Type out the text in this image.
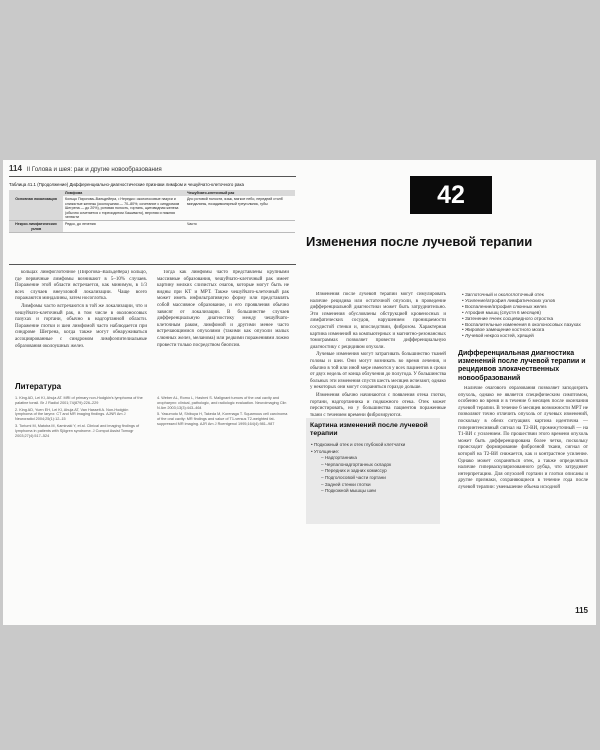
114 II Голова и шея: рак и другие новообразования
Таблица 41.1 (Продолжение) Дифференциально-диагностические признаки лимфом и чешуйчато-клеточного рака
	Лимфома	Чешуйчато-клеточный рак
Основная локализация	Кольцо Пирогова–Вальдейера, • Нередко: околоносовые пазухи и слизистые железы (околоушная — 70–80%; сочетание с синдромом Шегрена — до 20%), ротовая полость, гортань, щитовидная железа (обычно сочетается с тиреоидитом Хашимото), верхняя и нижняя челюсти	Дно ротовой полости, язык, мягкое небо, передний столб миндалины, позадимолярный треугольник, губы
Некроз лимфатических узлов	Редко, до лечения	Часто

кольцах лимфоглоточное (Пирогова–Вальдейера) кольцо, где первичные лимфомы возникают в 5–10% случаев. Поражение этой области встречается, как минимум, в 1/3 всех случаев внеузловой локализации. Чаще всего поражаются миндалины, затем носоглотка.

Лимфомы часто встречаются в той же локализации, что и чешуйчато-клеточный рак, в том числе в околоносовых пазухах и гортани, обычно в надгортанной области. Поражение глотки и шеи лимфомой часто наблюдается при синдроме Шегрена, когда также могут обнаруживаться ассоциированные с синдромом лимфоэпителиальные образования околоушных желез.

Тогда как лимфомы часто представлены крупными массивные образования, чешуйчато-клеточный рак имеет картину мелких слизистых очагов, которые могут быть не видны при КТ и МРТ. Также чешуйчато-клеточный рак может иметь инфильтративную форму или представлять собой массивное образование, и его проявления обычно зависят от локализации. В большинстве случаев дифференциальную диагностику между чешуйчато-клеточным раком, лимфомой и другими менее часто встречающимися опухолями (такими как опухоли малых слюнных желез, меланома) или редкими поражениями ложно провести только посредством биопсии.

Литература
1. King AD, Lei KI, Ahuja AT. MRI of primary non-Hodgkin's lymphoma of the palatine tonsil. Br J Radiol 2001;74(879):226–229
2. King AD, Yuen EH, Lei KI, Ahuja AT, Van Hasselt A. Non-Hodgkin lymphoma of the larynx: CT and MR imaging findings. AJNR Am J Neuroradiol 2004;25(1):12–15
3. Toriumi M, Matoba M, Kaminaki Y, et al. Clinical and imaging findings of lymphoma in patients with Sjögren syndrome. J Comput Assist Tomogr 2003;27(4):517–524
4. Weber AL, Romo L, Hashmi S. Malignant tumors of the oral cavity and oropharynx: clinical, pathologic, and radiologic evaluation. Neuroimaging Clin N Am 2003;13(3):443–464
5. Yasumoto M, Shibuya H, Takeda M, Korenaga T. Squamous cell carcinoma of the oral cavity: MR findings and value of T1-versus T2-weighted fat-suppressed MR imaging. AJR Am J Roentgenol 1995;164(4):981–987
42
Изменения после лучевой терапии

Изменения после лучевой терапии могут симулировать наличие рецидива или остаточной опухоли, в проведение дифференциальной диагностики может быть затруднительно. Эти изменения обусловлены обструкцией кровеносных и лимфатических сосудов, нарушением проницаемости сосудистой стенки и, впоследствии, фиброзом. Характерная картина изменений на компьютерных и магнитно-резонансных томограммах позволяет провести дифференциальную диагностику с рецидивом опухоли.

Лучевые изменения могут затрагивать большинство тканей головы и шеи. Они могут возникать во время лечения, и обычно в той или иной мере имеются у всех пациентов в сроки от двух недель от конца облучения до полугода. У большинства больных эти изменения спустя шесть месяцев исчезают, однако у некоторых они могут сохраняться гораздо дольше.

Изменения обычно начинаются с появления отека глотки, гортани, надгортанника и подкожного отека. Отек может персистировать, но у большинства пациентов пораженные ткани с течением времени фиброзируются.

Картина изменений после лучевой терапии
• Подкожный отек и отек глубокой клетчатки
• Утолщение:
– Надгортанника
– Черпалонадгортанных складок
– Передних и задних комиссур
– Подголосовой части гортани
– Задней стенки глотки
– Подкожной мышцы шеи
• Заглоточный и окологлоточный отек
• Усиление/атрофия лимфатических узлов
• Воспаление/атрофия слюнных желез
• Атрофия мышц (спустя 6 месяцев)
• Затенение ячеек сосцевидного отростка
• Воспалительные изменения в околоносовых пазухах
• Жировое замещение костного мозга
• Лучевой некроз костей, хрящей
Дифференциальная диагностика изменений после лучевой терапии и рецидивов злокачественных новообразований

Наличие очагового образования позволяет заподозрить опухоль, однако не является специфическим симптомом, особенно во время и в течение 6 месяцев после окончания лучевой терапии. В течение 6 месяцев возможности МРТ не позволяют точно отличить опухоль от лучевых изменений, поскольку в обеих ситуациях картина идентична — гиперинтенсивный сигнал на Т2-ВИ, промежуточный — на Т1-ВИ с усилением. По прошествии этого времени опухоль может быть дифференцирована более четко, поскольку происходит формирование фиброзной ткани, сигнал от которой на Т2-ВИ снижается, как и контрастное усиление. Однако может сохраняться отек, а также определяться наличие гиперваскуляризованного рубца, что затрудняет интерпретацию. Для опухолей гортани и глотки описаны и другие признаки, сохраняющиеся в течение года после лучевой терапии: уменьшение объема исходной

115
